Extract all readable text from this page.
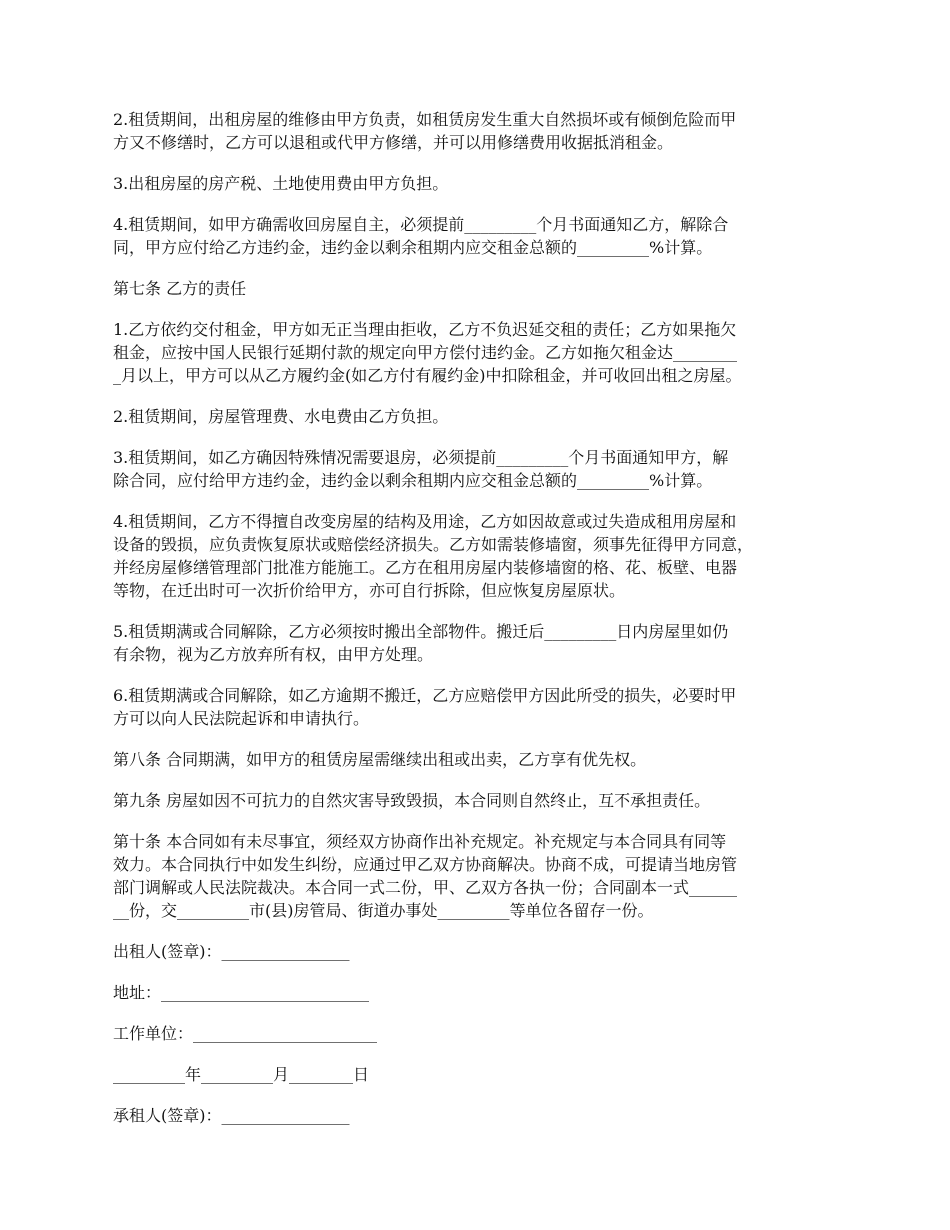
2.租赁期间，出租房屋的维修由甲方负责，如租赁房发生重大自然损坏或有倾倒危险而甲
方又不修缮时，乙方可以退租或代甲方修缮，并可以用修缮费用收据抵消租金。

3.出租房屋的房产税、土地使用费由甲方负担。

4.租赁期间，如甲方确需收回房屋自主，必须提前_________个月书面通知乙方，解除合
同，甲方应付给乙方违约金，违约金以剩余租期内应交租金总额的_________%计算。

第七条 乙方的责任

1.乙方依约交付租金，甲方如无正当理由拒收，乙方不负迟延交租的责任；乙方如果拖欠
租金，应按中国人民银行延期付款的规定向甲方偿付违约金。乙方如拖欠租金达________
_月以上，甲方可以从乙方履约金(如乙方付有履约金)中扣除租金，并可收回出租之房屋。

2.租赁期间，房屋管理费、水电费由乙方负担。

3.租赁期间，如乙方确因特殊情况需要退房，必须提前_________个月书面通知甲方，解
除合同，应付给甲方违约金，违约金以剩余租期内应交租金总额的_________%计算。

4.租赁期间，乙方不得擅自改变房屋的结构及用途，乙方如因故意或过失造成租用房屋和
设备的毁损，应负责恢复原状或赔偿经济损失。乙方如需装修墙窗，须事先征得甲方同意，
并经房屋修缮管理部门批准方能施工。乙方在租用房屋内装修墙窗的格、花、板壁、电器
等物，在迁出时可一次折价给甲方，亦可自行拆除，但应恢复房屋原状。

5.租赁期满或合同解除，乙方必须按时搬出全部物件。搬迁后_________日内房屋里如仍
有余物，视为乙方放弃所有权，由甲方处理。

6.租赁期满或合同解除，如乙方逾期不搬迁，乙方应赔偿甲方因此所受的损失，必要时甲
方可以向人民法院起诉和申请执行。

第八条 合同期满，如甲方的租赁房屋需继续出租或出卖，乙方享有优先权。

第九条 房屋如因不可抗力的自然灾害导致毁损，本合同则自然终止，互不承担责任。

第十条 本合同如有未尽事宜，须经双方协商作出补充规定。补充规定与本合同具有同等
效力。本合同执行中如发生纠纷，应通过甲乙双方协商解决。协商不成，可提请当地房管
部门调解或人民法院裁决。本合同一式二份，甲、乙双方各执一份；合同副本一式______
__份，交_________市(县)房管局、街道办事处_________等单位各留存一份。

出租人(签章)：________________

地址：__________________________

工作单位：_______________________

_________年_________月________日

承租人(签章)：________________
